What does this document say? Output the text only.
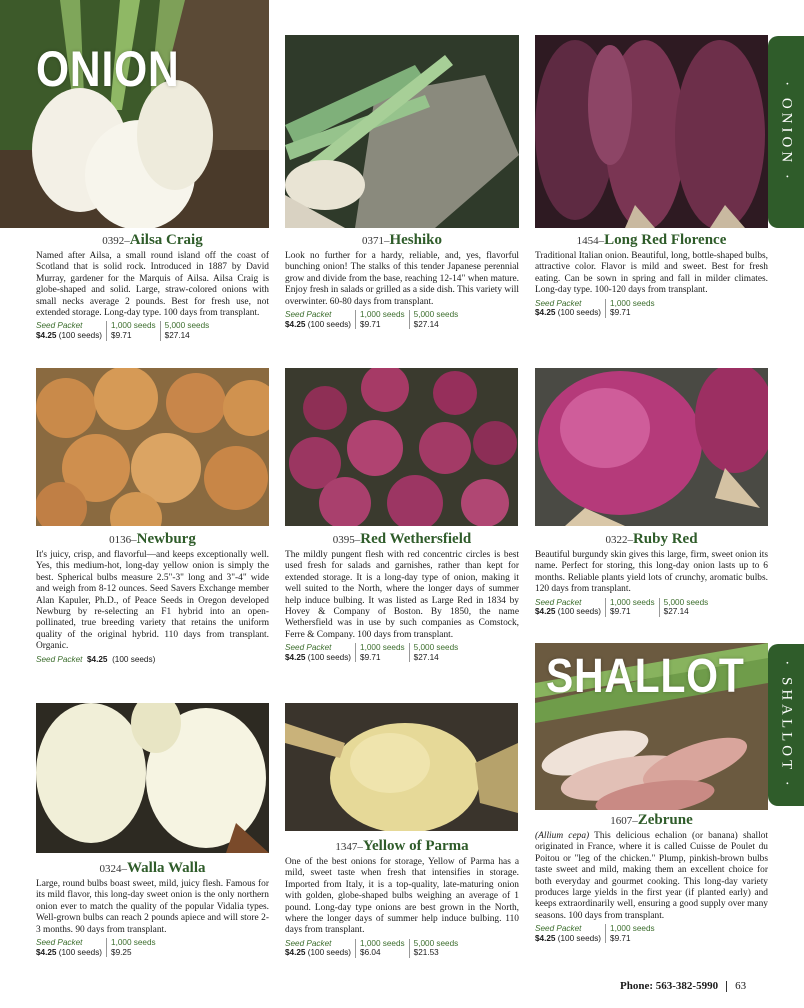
ONION
· ONION ·
SHALLOT · SHALLOT ·
0392–Ailsa Craig
Named after Ailsa, a small round island off the coast of Scotland that is solid rock. Introduced in 1887 by David Murray, gardener for the Marquis of Ailsa. Ailsa Craig is globe-shaped and solid. Large, straw-colored onions with small necks average 2 pounds. Best for fresh use, not extended storage. Long-day type. 100 days from transplant.
Seed Packet
$4.25 (100 seeds)
1,000 seeds
$9.71
5,000 seeds
$27.14
0371–Heshiko
Look no further for a hardy, reliable, and, yes, flavorful bunching onion! The stalks of this tender Japanese perennial grow and divide from the base, reaching 12-14" when mature. Enjoy fresh in salads or grilled as a side dish. This variety will overwinter. 60-80 days from transplant.
Seed Packet
$4.25 (100 seeds)
1,000 seeds
$9.71
5,000 seeds
$27.14
1454–Long Red Florence
Traditional Italian onion. Beautiful, long, bottle-shaped bulbs, attractive color. Flavor is mild and sweet. Best for fresh eating. Can be sown in spring and fall in milder climates. Long-day type. 100-120 days from transplant.
Seed Packet
$4.25 (100 seeds)
1,000 seeds
$9.71
0136–Newburg
It's juicy, crisp, and flavorful—and keeps exceptionally well. Yes, this medium-hot, long-day yellow onion is simply the best. Spherical bulbs measure 2.5"-3" long and 3"-4" wide and weigh from 8-12 ounces. Seed Savers Exchange member Alan Kapuler, Ph.D., of Peace Seeds in Oregon developed Newburg by re-selecting an F1 hybrid into an open-pollinated, true breeding variety that retains the uniform quality of the original hybrid. 110 days from transplant. Organic.
Seed Packet
$4.25
(100 seeds)
0395–Red Wethersfield
The mildly pungent flesh with red concentric circles is best used fresh for salads and garnishes, rather than kept for extended storage. It is a long-day type of onion, making it well suited to the North, where the longer days of summer help induce bulbing. It was listed as Large Red in 1834 by Hovey & Company of Boston. By 1850, the name Wethersfield was in use by such companies as Comstock, Ferre & Company. 100 days from transplant.
Seed Packet
$4.25 (100 seeds)
1,000 seeds
$9.71
5,000 seeds
$27.14
0322–Ruby Red
Beautiful burgundy skin gives this large, firm, sweet onion its name. Perfect for storing, this long-day onion lasts up to 6 months. Reliable plants yield lots of crunchy, aromatic bulbs. 120 days from transplant.
Seed Packet
$4.25 (100 seeds)
1,000 seeds
$9.71
5,000 seeds
$27.14
0324–Walla Walla
Large, round bulbs boast sweet, mild, juicy flesh. Famous for its mild flavor, this long-day sweet onion is the only northern onion ever to match the quality of the popular Vidalia types. Well-grown bulbs can reach 2 pounds apiece and will store 2-3 months. 90 days from transplant.
Seed Packet
$4.25 (100 seeds)
1,000 seeds
$9.25
1347–Yellow of Parma
One of the best onions for storage, Yellow of Parma has a mild, sweet taste when fresh that intensifies in storage. Imported from Italy, it is a top-quality, late-maturing onion with golden, globe-shaped bulbs weighing an average of 1 pound. Long-day type onions are best grown in the North, where the longer days of summer help induce bulbing. 110 days from transplant.
Seed Packet
$4.25 (100 seeds)
1,000 seeds
$6.04
5,000 seeds
$21.53
1607–Zebrune
(Allium cepa) This delicious echalion (or banana) shallot originated in France, where it is called Cuisse de Poulet du Poitou or "leg of the chicken." Plump, pinkish-brown bulbs taste sweet and mild, making them an excellent choice for both everyday and gourmet cooking. This long-day variety produces large yields in the first year (if planted early) and keeps extraordinarily well, ensuring a good supply over many seasons. 100 days from transplant.
Seed Packet
$4.25 (100 seeds)
1,000 seeds
$9.71
Phone: 563-382-5990 63
